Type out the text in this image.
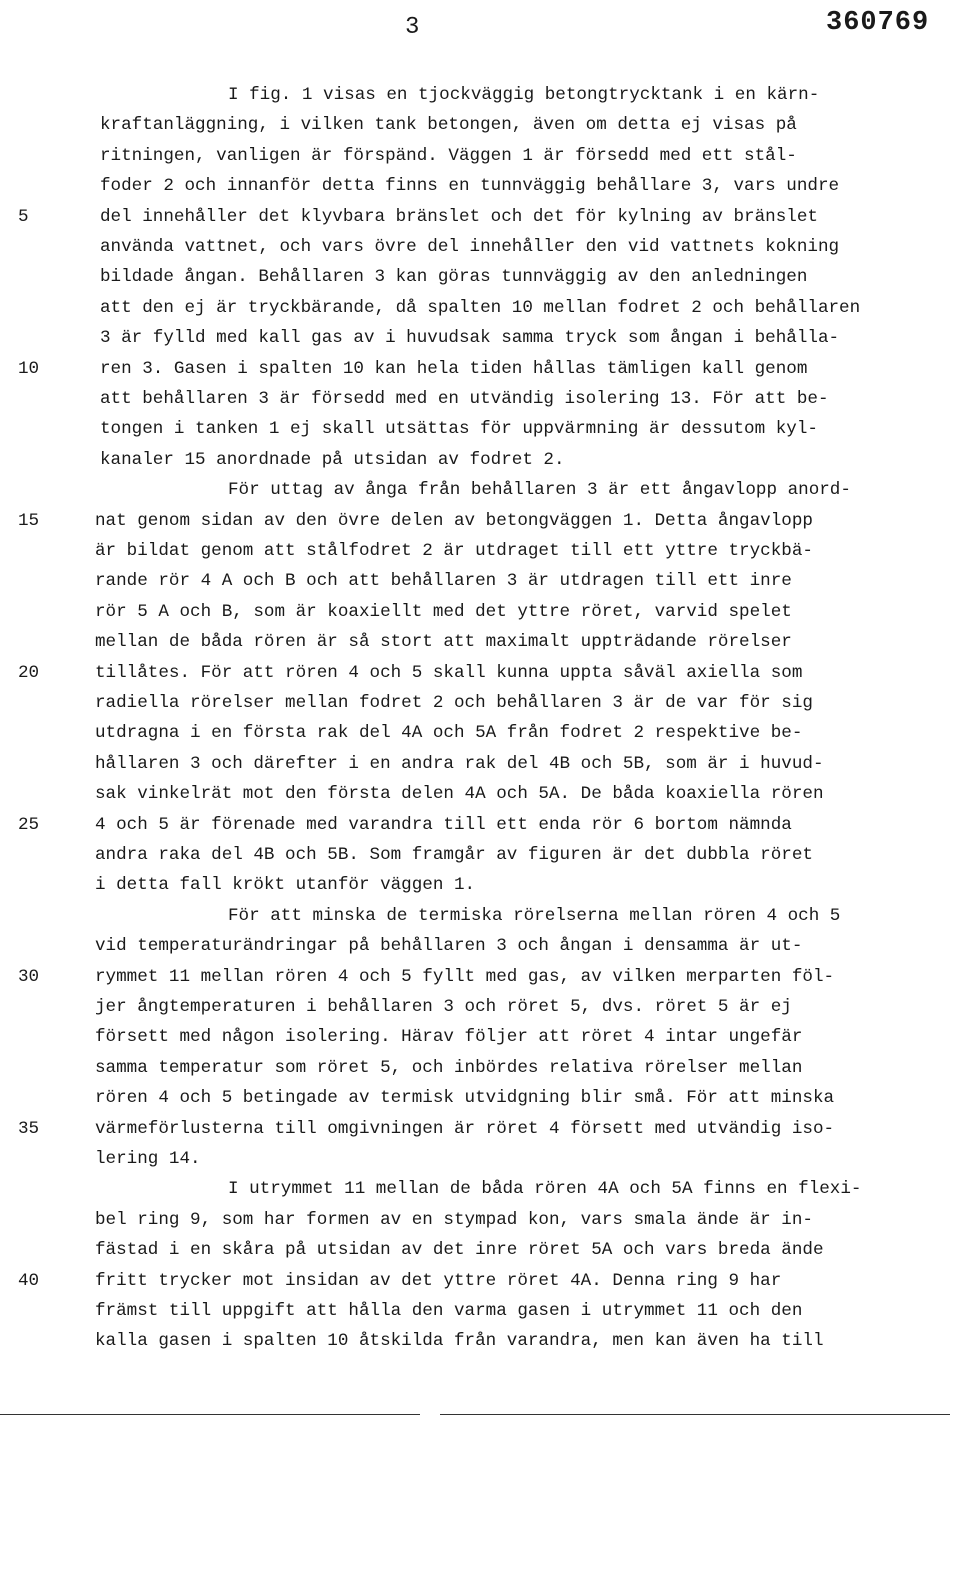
3	360769
I fig. 1 visas en tjockväggig betongtrycktank i en kärn-
kraftanläggning, i vilken tank betongen, även om detta ej visas på
ritningen, vanligen är förspänd. Väggen 1 är försedd med ett stål-
foder 2 och innanför detta finns en tunnväggig behållare 3, vars undre
del innehåller det klyvbara bränslet och det för kylning av bränslet
använda vattnet, och vars övre del innehåller den vid vattnets kokning
bildade ångan. Behållaren 3 kan göras tunnväggig av den anledningen
att den ej är tryckbärande, då spalten 10 mellan fodret 2 och behållaren
3 är fylld med kall gas av i huvudsak samma tryck som ångan i behålla-
ren 3. Gasen i spalten 10 kan hela tiden hållas tämligen kall genom
att behållaren 3 är försedd med en utvändig isolering 13. För att be-
tongen i tanken 1 ej skall utsättas för uppvärmning är dessutom kyl-
kanaler 15 anordnade på utsidan av fodret 2.
För uttag av ånga från behållaren 3 är ett ångavlopp anord-
nat genom sidan av den övre delen av betongväggen 1. Detta ångavlopp
är bildat genom att stålfodret 2 är utdraget till ett yttre tryckbä-
rande rör 4 A och B och att behållaren 3 är utdragen till ett inre
rör 5 A och B, som är koaxiellt med det yttre röret, varvid spelet
mellan de båda rören är så stort att maximalt uppträdande rörelser
tillåtes. För att rören 4 och 5 skall kunna uppta såväl axiella som
radiella rörelser mellan fodret 2 och behållaren 3 är de var för sig
utdragna i en första rak del 4A och 5A från fodret 2 respektive be-
hållaren 3 och därefter i en andra rak del 4B och 5B, som är i huvud-
sak vinkelrät mot den första delen 4A och 5A. De båda koaxiella rören
4 och 5 är förenade med varandra till ett enda rör 6 bortom nämnda
andra raka del 4B och 5B. Som framgår av figuren är det dubbla röret
i detta fall krökt utanför väggen 1.
För att minska de termiska rörelserna mellan rören 4 och 5
vid temperaturändringar på behållaren 3 och ångan i densamma är ut-
rymmet 11 mellan rören 4 och 5 fyllt med gas, av vilken merparten föl-
jer ångtemperaturen i behållaren 3 och röret 5, dvs. röret 5 är ej
försett med någon isolering. Härav följer att röret 4 intar ungefär
samma temperatur som röret 5, och inbördes relativa rörelser mellan
rören 4 och 5 betingade av termisk utvidgning blir små. För att minska
värmeförlusterna till omgivningen är röret 4 försett med utvändig iso-
lering 14.
I utrymmet 11 mellan de båda rören 4A och 5A finns en flexi-
bel ring 9, som har formen av en stympad kon, vars smala ände är in-
fästad i en skåra på utsidan av det inre röret 5A och vars breda ände
fritt trycker mot insidan av det yttre röret 4A. Denna ring 9 har
främst till uppgift att hålla den varma gasen i utrymmet 11 och den
kalla gasen i spalten 10 åtskilda från varandra, men kan även ha till
5
10
15
20
25
30
35
40
